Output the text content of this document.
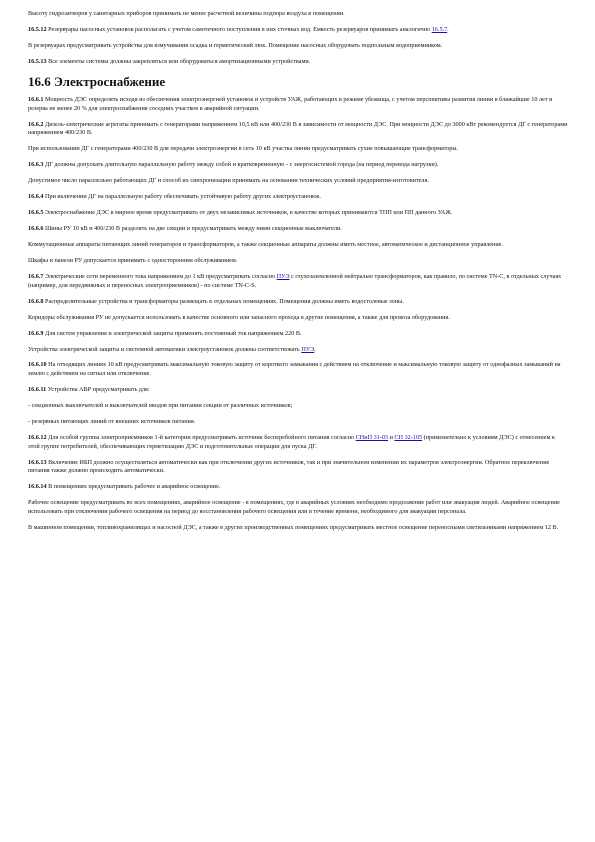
Высоту гидрозатворов у санитарных приборов принимать не менее расчетной величины подпора воздуха в помещении.

16.5.12 Резервуары насосных установок располагать с учетом самотечного поступления в них сточных вод. Емкость резервуаров принимать аналогично 16.5.7.

В резервуарах предусматривать устройства для взмучивания осадка и герметический люк. Помещение насосных оборудовать подпольным водоприемником.

16.5.13 Все элементы системы должны закрепляться или оборудоваться амортизационными устройствами.

16.6 Электроснабжение

16.6.1 Мощность ДЭС определять исходя из обеспечения электроэнергией установок и устройств УАЖ, работающих в режиме убежища, с учетом перспективы развития линии в ближайшие 10 лет и резерва не менее 20 % для электроснабжения соседних участков в аварийной ситуации.

16.6.2 Дизель-электрические агрегаты принимать с генераторами напряжением 10,5 кВ или 400/230 В в зависимости от мощности ДЭС. При мощности ДЭС до 3000 кВт рекомендуется ДГ с генераторами напряжением 400/230 В.

При использовании ДГ с генераторами 400/230 В для передачи электроэнергии в сеть 10 кВ участка линии предусматривать сухие повышающие трансформаторы.

16.6.3 ДГ должны допускать длительную параллельную работу между собой и кратковременную - с энергосистемой города (на период перевода нагрузки).

Допустимое число параллельно работающих ДГ и способ их синхронизации принимать на основании технических условий предприятия-изготовителя.

16.6.4 При включении ДГ на параллельную работу обеспечивать устойчивую работу других электроустановок.

16.6.5 Электроснабжение ДЭС в мирное время предусматривать от двух независимых источников, в качестве которых принимаются ТПП или ПП данного УАЖ.

16.6.6 Шины РУ 10 кВ и 400/230 В разделять на две секции и предусматривать между ними секционные выключатели.

Коммутационные аппараты питающих линий генераторов и трансформаторов, а также секционные аппараты должны иметь местное, автоматическое и дистанционное управление.

Шкафы и панели РУ допускается принимать с односторонним обслуживанием.

16.6.7 Электрические сети переменного тока напряжением до 1 кВ предусматривать согласно ПУЭ с глухозаземленной нейтралью трансформаторов, как правило, по системе TN-C, в отдельных случаях (например, для передвижных и переносных электроприемников) - по системе TN-C-S.

16.6.8 Распределительные устройства и трансформаторы размещать в отдельных помещениях. Помещения должны иметь водостолевые зоны.

Коридоры обслуживания РУ не допускается использовать в качестве основного или запасного прохода в другие помещения, а также для провоза оборудования.

16.6.9 Для систем управления и электрической защиты применять постоянный ток напряжением 220 В.

Устройства электрической защиты и системной автоматики электроустановок должны соответствовать ПУЭ.

16.6.10 На отходящих линиях 10 кВ предусматривать максимальную токовую защиту от короткого замыкания с действием на отключение и максимальную токовую защиту от однофазных замыканий на землю с действием на сигнал или отключение.

16.6.11 Устройства АВР предусматривать для:

- секционных выключателей и выключателей вводов при питании секции от различных источников;

- резервных питающих линий от внешних источников питания.

16.6.12 Для особой группы электроприемников 1-й категории предусматривать источник бесперебойного питания согласно СНиП 31-03 и СП 32-105 (применительно к условиям ДЭС) с отнесением к этой группе потребителей, обеспечивающих герметизацию ДЭС и подготовительные операции для пуска ДГ.

16.6.13 Включение ИБП должно осуществляться автоматически как при отключении других источников, так и при значительном изменении их параметров электроэнергии. Обратное переключение питания также должно происходить автоматически.

16.6.14 В помещениях предусматривать рабочее и аварийное освещение.

Рабочее освещение предусматривать во всех помещениях, аварийное освещение - в помещениях, где в аварийных условиях необходимо продолжение работ или эвакуация людей. Аварийное освещение использовать при отключении рабочего освещения на период до восстановления рабочего освещения или в течение времени, необходимого для эвакуации персонала.

В машинном помещении, топливохранилищах и насосной ДЭС, а также в других производственных помещениях предусматривать местное освещение переносными светильниками напряжением 12 В.
